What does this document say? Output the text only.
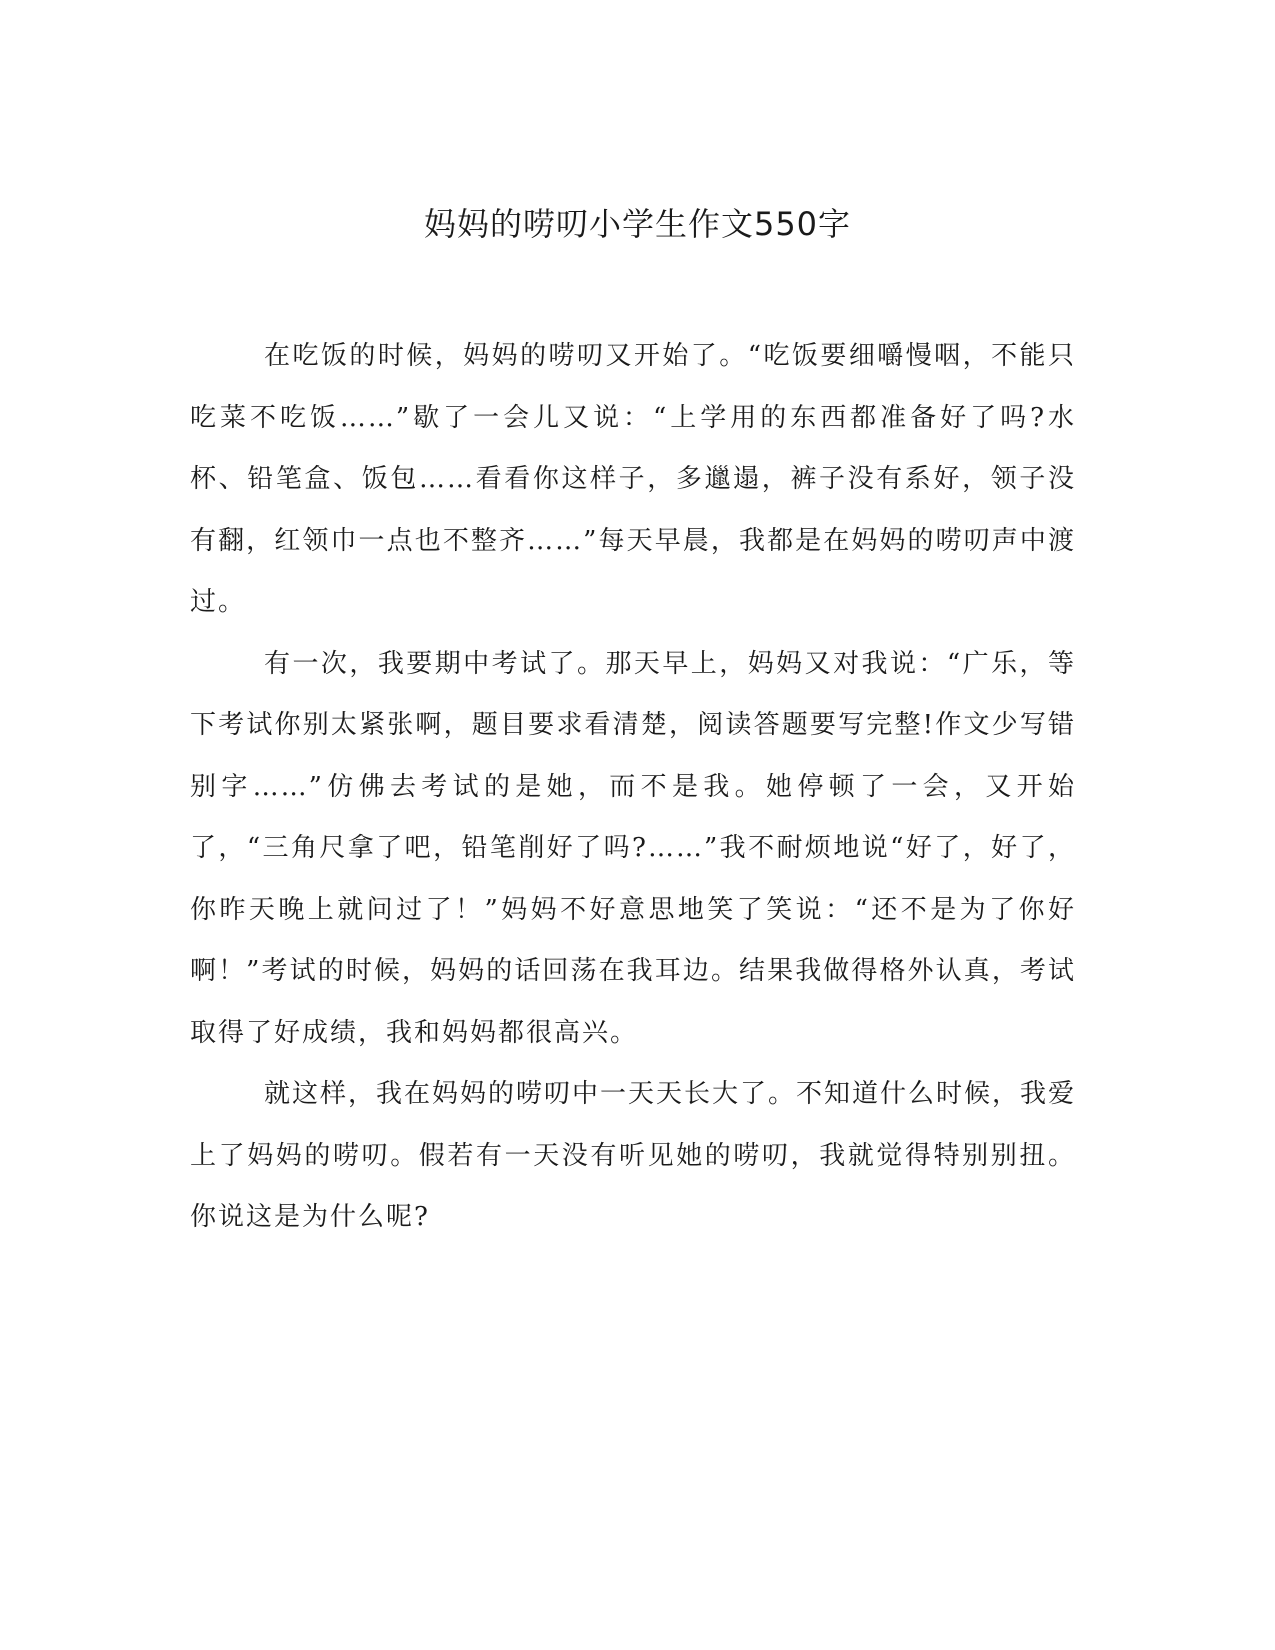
妈妈的唠叨小学生作文550字

在吃饭的时候，妈妈的唠叨又开始了。“吃饭要细嚼慢咽，不能只吃菜不吃饭……”歇了一会儿又说：“上学用的东西都准备好了吗?水杯、铅笔盒、饭包……看看你这样子，多邋遢，裤子没有系好，领子没有翻，红领巾一点也不整齐……”每天早晨，我都是在妈妈的唠叨声中渡过。

有一次，我要期中考试了。那天早上，妈妈又对我说：“广乐，等下考试你别太紧张啊，题目要求看清楚，阅读答题要写完整!作文少写错别字……”仿佛去考试的是她，而不是我。她停顿了一会，又开始了，“三角尺拿了吧，铅笔削好了吗?……”我不耐烦地说“好了，好了，你昨天晚上就问过了！”妈妈不好意思地笑了笑说：“还不是为了你好啊！”考试的时候，妈妈的话回荡在我耳边。结果我做得格外认真，考试取得了好成绩，我和妈妈都很高兴。

就这样，我在妈妈的唠叨中一天天长大了。不知道什么时候，我爱上了妈妈的唠叨。假若有一天没有听见她的唠叨，我就觉得特别别扭。你说这是为什么呢?
